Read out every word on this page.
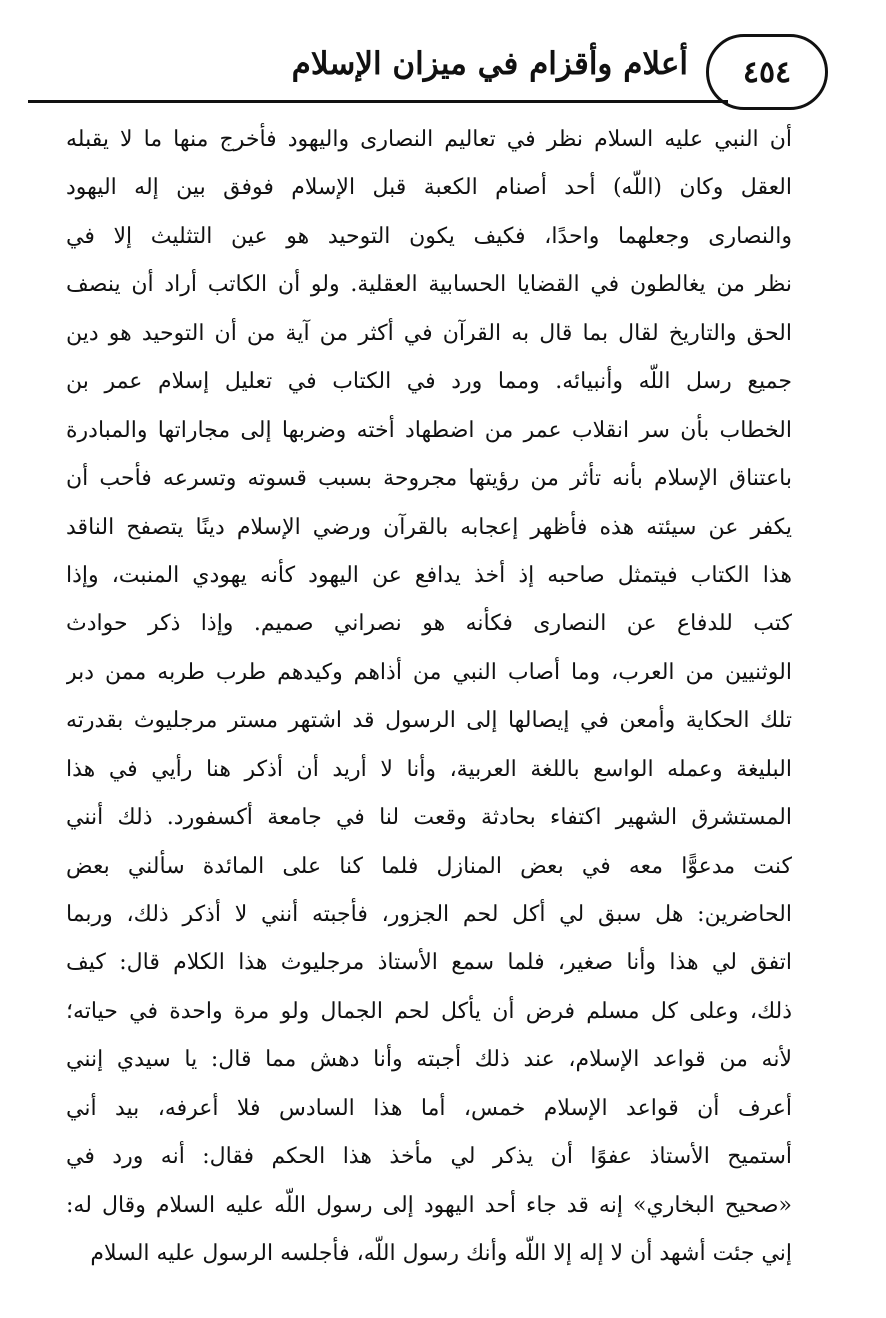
٤٥٤
أعلام وأقزام في ميزان الإسلام
أن النبي عليه السلام نظر في تعاليم النصارى واليهود فأخرج منها ما لا يقبله
العقل وكان (اللّه) أحد أصنام الكعبة قبل الإسلام فوفق بين إله اليهود
والنصارى وجعلهما واحدًا، فكيف يكون التوحيد هو عين التثليث إلا في
نظر من يغالطون في القضايا الحسابية العقلية. ولو أن الكاتب أراد أن ينصف
الحق والتاريخ لقال بما قال به القرآن في أكثر من آية من أن التوحيد هو دين
جميع رسل اللّه وأنبيائه. ومما ورد في الكتاب في تعليل إسلام عمر بن
الخطاب بأن سر انقلاب عمر من اضطهاد أخته وضربها إلى مجاراتها والمبادرة
باعتناق الإسلام بأنه تأثر من رؤيتها مجروحة بسبب قسوته وتسرعه فأحب أن
يكفر عن سيئته هذه فأظهر إعجابه بالقرآن ورضي الإسلام دينًا يتصفح الناقد
هذا الكتاب فيتمثل صاحبه إذ أخذ يدافع عن اليهود كأنه يهودي المنبت، وإذا
كتب للدفاع عن النصارى فكأنه هو نصراني صميم. وإذا ذكر حوادث
الوثنيين من العرب، وما أصاب النبي من أذاهم وكيدهم طرب طربه ممن دبر
تلك الحكاية وأمعن في إيصالها إلى الرسول قد اشتهر مستر مرجليوث بقدرته
البليغة وعمله الواسع باللغة العربية، وأنا لا أريد أن أذكر هنا رأيي في هذا
المستشرق الشهير اكتفاء بحادثة وقعت لنا في جامعة أكسفورد. ذلك أنني
كنت مدعوًّا معه في بعض المنازل فلما كنا على المائدة سألني بعض
الحاضرين: هل سبق لي أكل لحم الجزور، فأجبته أنني لا أذكر ذلك، وربما
اتفق لي هذا وأنا صغير، فلما سمع الأستاذ مرجليوث هذا الكلام قال: كيف
ذلك، وعلى كل مسلم فرض أن يأكل لحم الجمال ولو مرة واحدة في حياته؛
لأنه من قواعد الإسلام، عند ذلك أجبته وأنا دهش مما قال: يا سيدي إنني
أعرف أن قواعد الإسلام خمس، أما هذا السادس فلا أعرفه، بيد أني
أستميح الأستاذ عفوًا أن يذكر لي مأخذ هذا الحكم فقال: أنه ورد في
«صحيح البخاري» إنه قد جاء أحد اليهود إلى رسول اللّه عليه السلام وقال له:
إني جئت أشهد أن لا إله إلا اللّه وأنك رسول اللّه، فأجلسه الرسول عليه السلام
